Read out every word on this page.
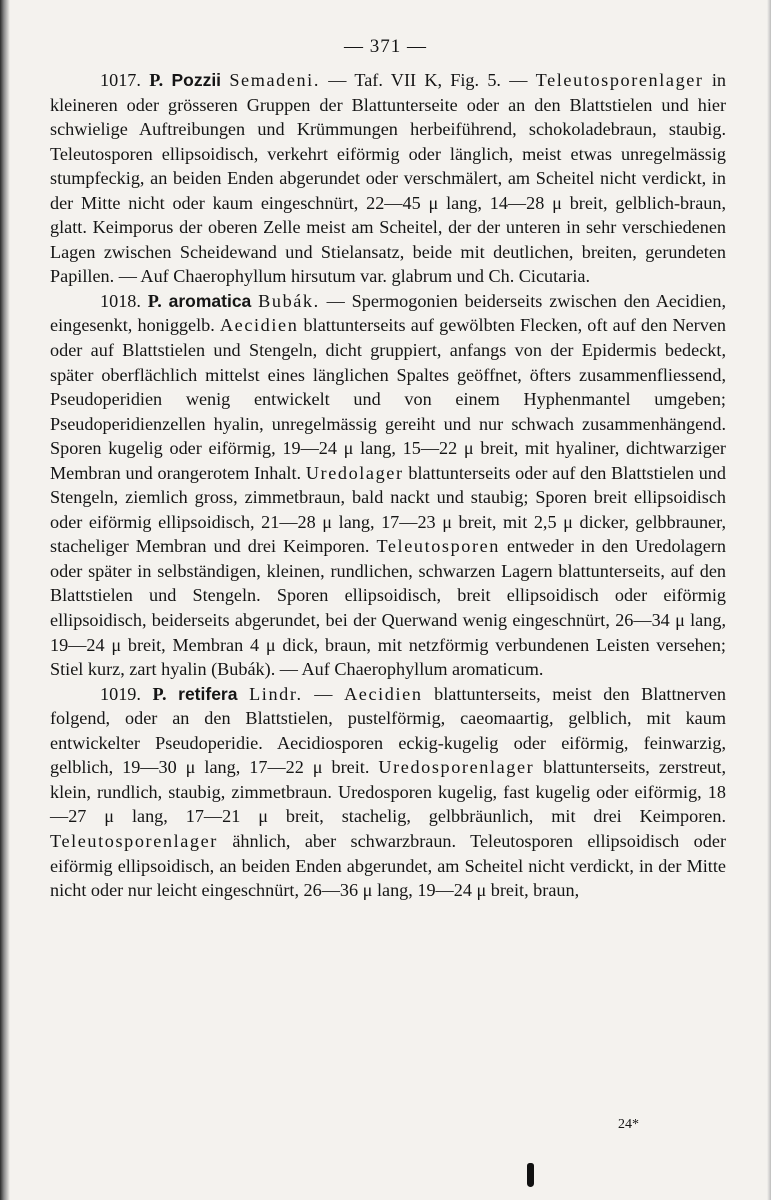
— 371 —

1017. P. Pozzii Semadeni. — Taf. VII K, Fig. 5. — Teleutosporenlager in kleineren oder grösseren Gruppen der Blattunterseite oder an den Blattstielen und hier schwielige Auftreibungen und Krümmungen herbeiführend, schokoladebraun, staubig. Teleutosporen ellipsoidisch, verkehrt eiförmig oder länglich, meist etwas unregelmässig stumpfeckig, an beiden Enden abgerundet oder verschmälert, am Scheitel nicht verdickt, in der Mitte nicht oder kaum eingeschnürt, 22—45 μ lang, 14—28 μ breit, gelblich-braun, glatt. Keimporus der oberen Zelle meist am Scheitel, der der unteren in sehr verschiedenen Lagen zwischen Scheidewand und Stielansatz, beide mit deutlichen, breiten, gerundeten Papillen. — Auf Chaerophyllum hirsutum var. glabrum und Ch. Cicutaria.

1018. P. aromatica Bubák. — Spermogonien beiderseits zwischen den Aecidien, eingesenkt, honiggelb. Aecidien blattunterseits auf gewölbten Flecken, oft auf den Nerven oder auf Blattstielen und Stengeln, dicht gruppiert, anfangs von der Epidermis bedeckt, später oberflächlich mittelst eines länglichen Spaltes geöffnet, öfters zusammenfliessend, Pseudoperidien wenig entwickelt und von einem Hyphenmantel umgeben; Pseudoperidienzellen hyalin, unregelmässig gereiht und nur schwach zusammenhängend. Sporen kugelig oder eiförmig, 19—24 μ lang, 15—22 μ breit, mit hyaliner, dichtwarziger Membran und orangerotem Inhalt. Uredolager blattunterseits oder auf den Blattstielen und Stengeln, ziemlich gross, zimmetbraun, bald nackt und staubig; Sporen breit ellipsoidisch oder eiförmig ellipsoidisch, 21—28 μ lang, 17—23 μ breit, mit 2,5 μ dicker, gelbbrauner, stacheliger Membran und drei Keimporen. Teleutosporen entweder in den Uredolagern oder später in selbständigen, kleinen, rundlichen, schwarzen Lagern blattunterseits, auf den Blattstielen und Stengeln. Sporen ellipsoidisch, breit ellipsoidisch oder eiförmig ellipsoidisch, beiderseits abgerundet, bei der Querwand wenig eingeschnürt, 26—34 μ lang, 19—24 μ breit, Membran 4 μ dick, braun, mit netzförmig verbundenen Leisten versehen; Stiel kurz, zart hyalin (Bubák). — Auf Chaerophyllum aromaticum.

1019. P. retifera Lindr. — Aecidien blattunterseits, meist den Blattnerven folgend, oder an den Blattstielen, pustelförmig, caeomaartig, gelblich, mit kaum entwickelter Pseudoperidie. Aecidiosporen eckig-kugelig oder eiförmig, feinwarzig, gelblich, 19—30 μ lang, 17—22 μ breit. Uredosporenlager blattunterseits, zerstreut, klein, rundlich, staubig, zimmetbraun. Uredosporen kugelig, fast kugelig oder eiförmig, 18—27 μ lang, 17—21 μ breit, stachelig, gelbbräunlich, mit drei Keimporen. Teleutosporenlager ähnlich, aber schwarzbraun. Teleutosporen ellipsoidisch oder eiförmig ellipsoidisch, an beiden Enden abgerundet, am Scheitel nicht verdickt, in der Mitte nicht oder nur leicht eingeschnürt, 26—36 μ lang, 19—24 μ breit, braun,

24*
